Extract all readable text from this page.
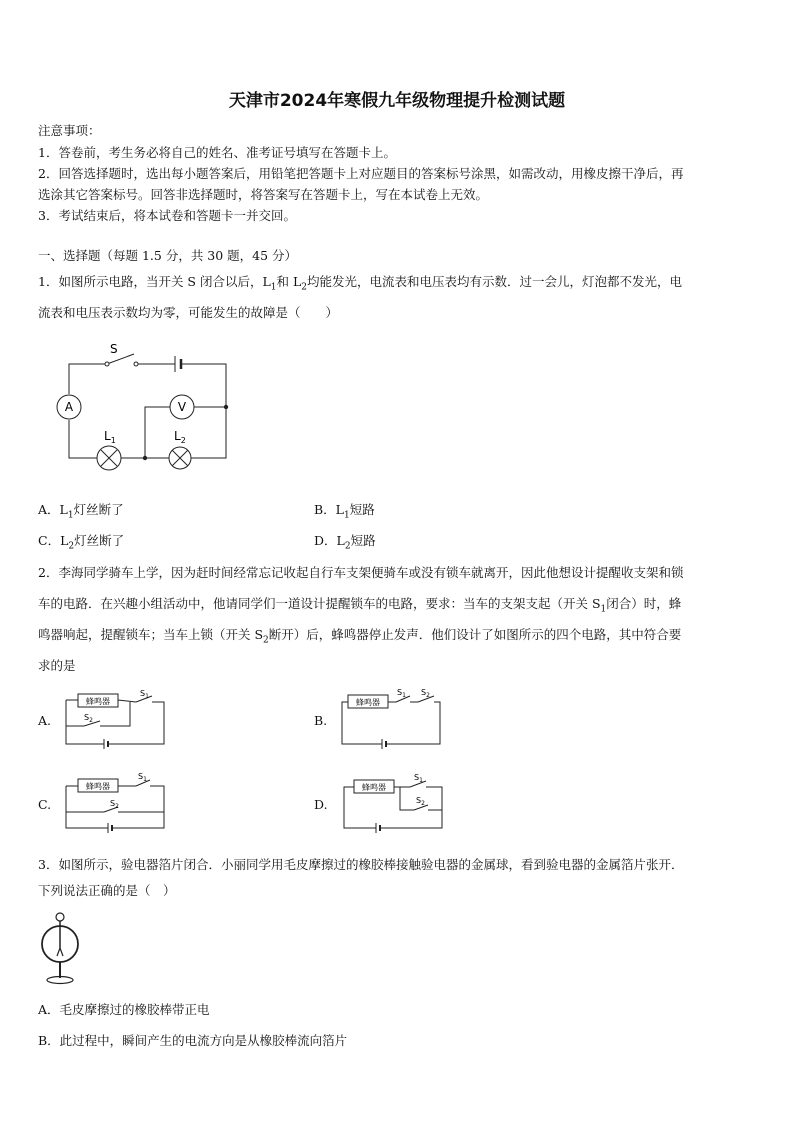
天津市2024年寒假九年级物理提升检测试题
注意事项：
1．答卷前，考生务必将自己的姓名、准考证号填写在答题卡上。
2．回答选择题时，选出每小题答案后，用铅笔把答题卡上对应题目的答案标号涂黑，如需改动，用橡皮擦干净后，再
选涂其它答案标号。回答非选择题时，将答案写在答题卡上，写在本试卷上无效。
3．考试结束后，将本试卷和答题卡一并交回。
一、选择题（每题 1.5 分，共 30 题，45 分）
1．如图所示电路，当开关 S 闭合以后，$L_1$和 $L_2$均能发光，电流表和电压表均有示数．过一会儿，灯泡都不发光，电
流表和电压表示数均为零，可能发生的故障是（　　）
S
A	V
$L_1$	$L_2$
A．$L_1$灯丝断了	B．$L_1$短路
C．$L_2$灯丝断了	D．$L_2$短路
2．李海同学骑车上学，因为赶时间经常忘记收起自行车支架便骑车或没有锁车就离开，因此他想设计提醒收支架和锁
车的电路．在兴趣小组活动中，他请同学们一道设计提醒锁车的电路，要求：当车的支架支起（开关 $S_1$闭合）时，蜂
鸣器响起，提醒锁车；当车上锁（开关 $S_2$断开）后，蜂鸣器停止发声．他们设计了如图所示的四个电路，其中符合要
求的是
A.	B.
C.	D.
蜂鸣器
$S_1$
$S_2$
蜂鸣器
$S_1$ $S_2$
蜂鸣器
$S_1$
$S_2$
蜂鸣器
$S_1$
$S_2$
3．如图所示，验电器箔片闭合．小丽同学用毛皮摩擦过的橡胶棒接触验电器的金属球，看到验电器的金属箔片张开．
下列说法正确的是（　）
A．毛皮摩擦过的橡胶棒带正电
B．此过程中，瞬间产生的电流方向是从橡胶棒流向箔片
